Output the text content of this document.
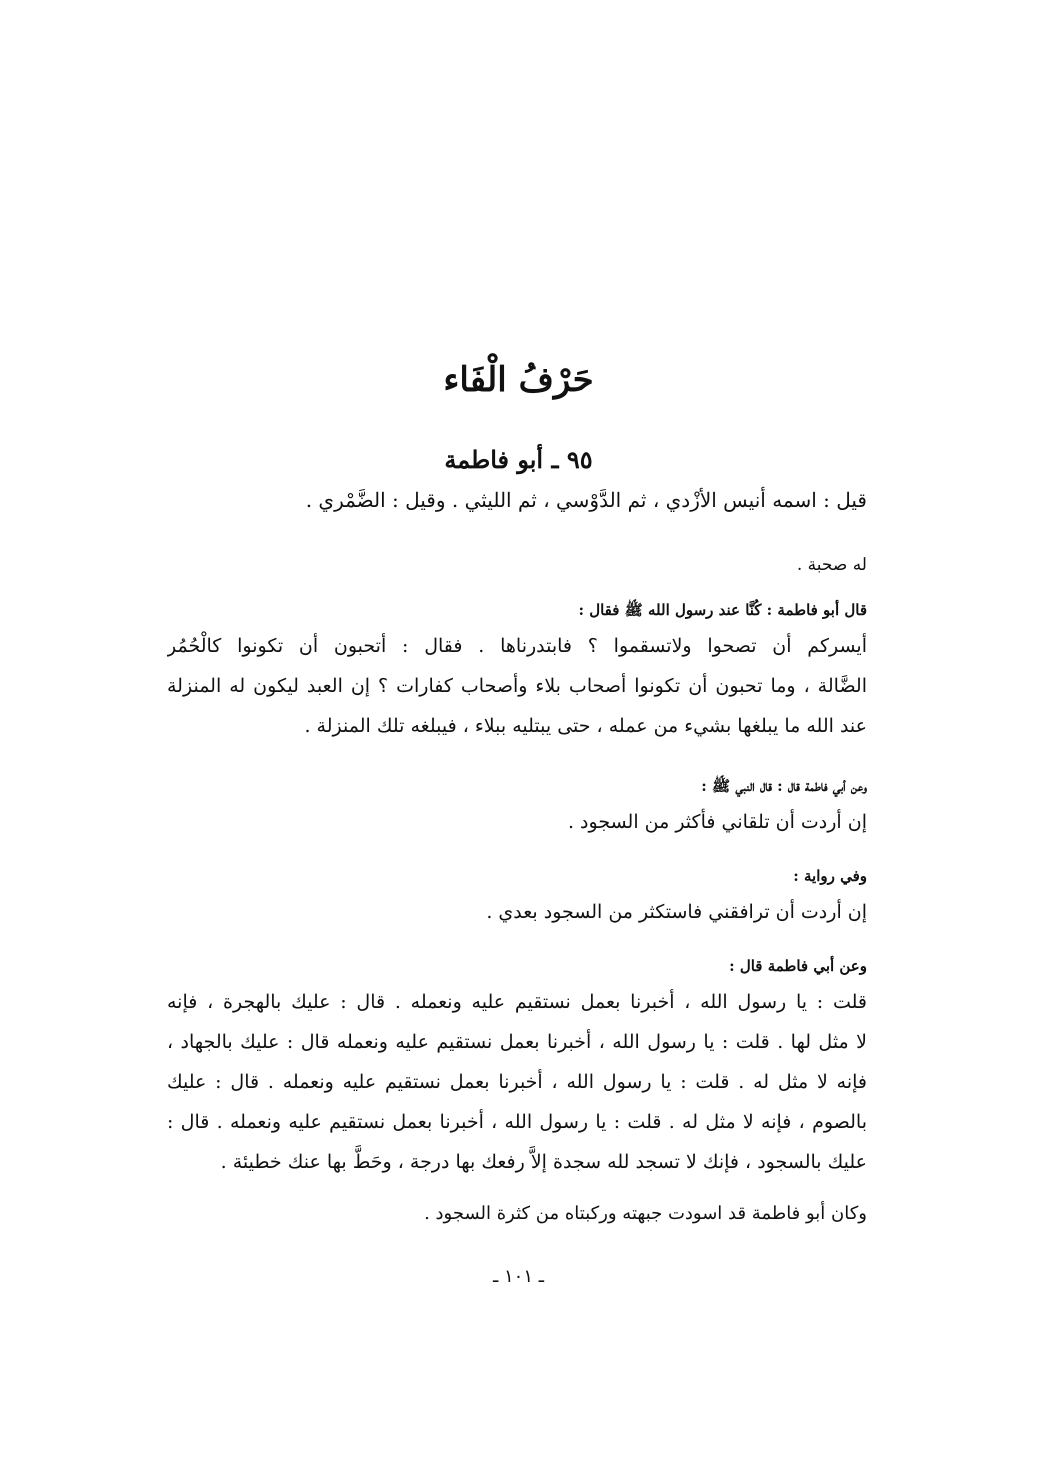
حَرْفُ الْفَاء
٩٥ ـ أبو فاطمة
قيل : اسمه أنيس الأزْدي ، ثم الدَّوْسي ، ثم الليثي . وقيل : الضَّمْري .
له صحبة .
قال أبو فاطمة : كُنَّا عند رسول الله ﷺ فقال :
أيسركم أن تصحوا ولاتسقموا ؟ فابتدرناها . فقال : أتحبون أن تكونوا كالْحُمُر
الضَّالة ، وما تحبون أن تكونوا أصحاب بلاء وأصحاب كفارات ؟ إن العبد ليكون له المنزلة
عند الله ما يبلغها بشيء من عمله ، حتى يبتليه ببلاء ، فيبلغه تلك المنزلة .
وعن أبي فاطمة قال : قال النبي ﷺ :
إن أردت أن تلقاني فأكثر من السجود .
وفي رواية :
إن أردت أن ترافقني فاستكثر من السجود بعدي .
وعن أبي فاطمة قال :
قلت : يا رسول الله ، أخبرنا بعمل نستقيم عليه ونعمله . قال : عليك بالهجرة ، فإنه
لا مثل لها . قلت : يا رسول الله ، أخبرنا بعمل نستقيم عليه ونعمله قال : عليك بالجهاد ،
فإنه لا مثل له . قلت : يا رسول الله ، أخبرنا بعمل نستقيم عليه ونعمله . قال : عليك
بالصوم ، فإنه لا مثل له . قلت : يا رسول الله ، أخبرنا بعمل نستقيم عليه ونعمله . قال :
عليك بالسجود ، فإنك لا تسجد لله سجدة إلاَّ رفعك بها درجة ، وحَطَّ بها عنك خطيئة .
وكان أبو فاطمة قد اسودت جبهته وركبتاه من كثرة السجود .
ـ ١٠١ ـ
